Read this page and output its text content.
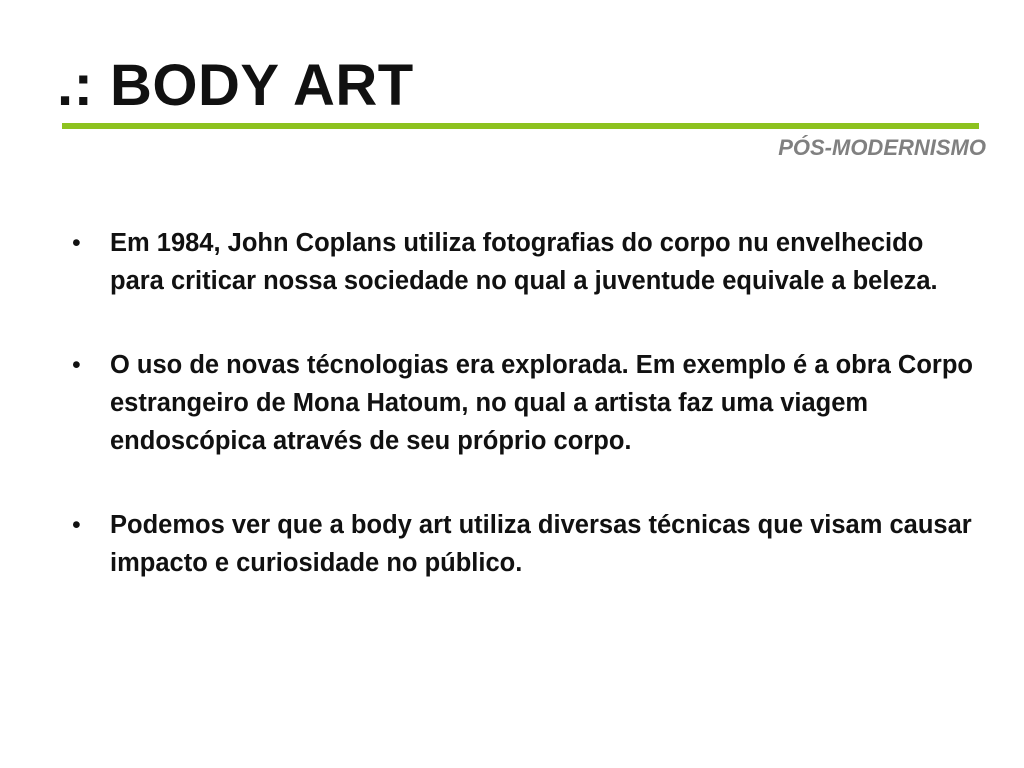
.: BODY ART
PÓS-MODERNISMO
• Em 1984, John Coplans utiliza fotografias do corpo nu envelhecido para criticar nossa sociedade no qual a juventude equivale a beleza.
• O uso de novas técnologias era explorada. Em exemplo é a obra Corpo estrangeiro de Mona Hatoum, no qual a artista faz uma viagem endoscópica através de seu próprio corpo.
• Podemos ver que a body art utiliza diversas técnicas que visam causar impacto e curiosidade no público.
